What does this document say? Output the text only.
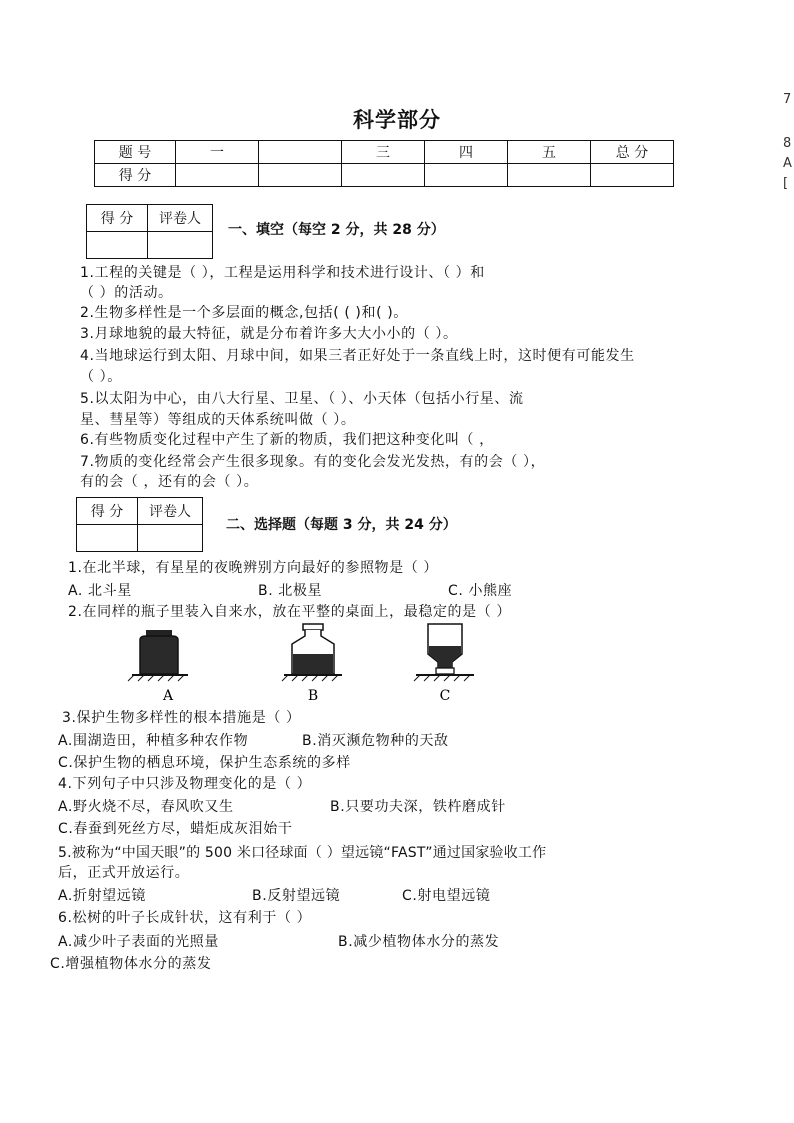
科学部分
题 号	一		三	四	五	总 分
得 分						
得 分	评卷人

一、填空（每空 2 分，共 28 分）
1.工程的关键是（ ），工程是运用科学和技术进行设计、（ ）和
（ ）的活动。
2.生物多样性是一个多层面的概念,包括( ( )和( )。
3.月球地貌的最大特征，就是分布着许多大大小小的（ ）。
4.当地球运行到太阳、月球中间，如果三者正好处于一条直线上时，这时便有可能发生
（ ）。
5.以太阳为中心，由八大行星、卫星、（ ）、小天体（包括小行星、流
星、彗星等）等组成的天体系统叫做（ ）。
6.有些物质变化过程中产生了新的物质，我们把这种变化叫（ ，
7.物质的变化经常会产生很多现象。有的变化会发光发热，有的会（ ），
有的会（ ，还有的会（ ）。
得 分	评卷人

二、选择题（每题 3 分，共 24 分）
1.在北半球，有星星的夜晚辨别方向最好的参照物是（ ）
A. 北斗星	B. 北极星	C. 小熊座
2.在同样的瓶子里装入自来水，放在平整的桌面上，最稳定的是（ ）
A	B	C
3.保护生物多样性的根本措施是（ ）
A.围湖造田，种植多种农作物	B.消灭濒危物种的天敌
C.保护生物的栖息环境，保护生态系统的多样
4.下列句子中只涉及物理变化的是（ ）
A.野火烧不尽，春风吹又生	B.只要功夫深，铁杵磨成针
C.春蚕到死丝方尽，蜡炬成灰泪始干
5.被称为“中国天眼”的 500 米口径球面（ ）望远镜“FAST”通过国家验收工作
后，正式开放运行。
A.折射望远镜	B.反射望远镜	C.射电望远镜
6.松树的叶子长成针状，这有利于（ ）
A.减少叶子表面的光照量	B.减少植物体水分的蒸发
C.增强植物体水分的蒸发
7
8
A
[
